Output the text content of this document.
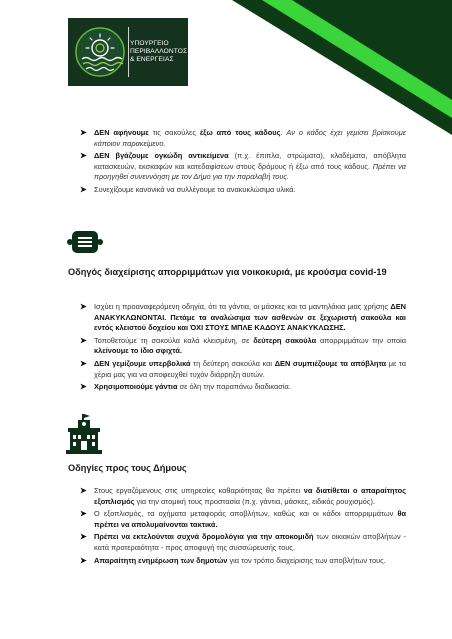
ΥΠΟΥΡΓΕΙΟ
ΠΕΡΙΒΑΛΛΟΝΤΟΣ
& ΕΝΕΡΓΕΙΑΣ
➤ ΔΕΝ αφήνουμε τις σακούλες έξω από τους κάδους. Αν ο κάδος έχει γεμίσει βρίσκουμε κάποιον παρακείμενο.
➤ ΔΕΝ βγάζουμε ογκώδη αντικείμενα (π.χ. έπιπλα, στρώματα), κλαδέματα, απόβλητα κατασκευών, εκσκαφών και κατεδαφίσεων στους δρόμους ή έξω από τους κάδους. Πρέπει να προηγηθεί συνεννόηση με τον Δήμο για την παραλαβή τους.
➤ Συνεχίζουμε κανονικά να συλλέγουμε τα ανακυκλώσιμα υλικά.
Οδηγός διαχείρισης απορριμμάτων για νοικοκυριά, με κρούσμα covid-19
➤ Ισχύει η προαναφερόμενη οδηγία, ότι τα γάντια, οι μάσκες και τα μαντηλάκια μιας χρήσης ΔΕΝ ΑΝΑΚΥΚΛΩΝΟΝΤΑΙ. Πετάμε τα αναλώσιμα των ασθενών σε ξεχωριστή σακούλα και εντός κλειστού δοχείου και ΌΧΙ ΣΤΟΥΣ ΜΠΛΕ ΚΑΔΟΥΣ ΑΝΑΚΥΚΛΩΣΗΣ.
➤ Τοποθετούμε τη σακούλα καλά κλεισμένη, σε δεύτερη σακούλα απορριμμάτων την οποία κλείνουμε το ίδιο σφιχτά.
➤ ΔΕΝ γεμίζουμε υπερβολικά τη δεύτερη σακούλα και ΔΕΝ συμπιέζουμε τα απόβλητα με τα χέρια μας για να αποφευχθεί τυχόν διάρρηξη αυτών.
➤ Χρησιμοποιούμε γάντια σε όλη την παραπάνω διαδικασία.
Οδηγίες προς τους Δήμους
➤ Στους εργαζόμενους στις υπηρεσίες καθαριότητας θα πρέπει να διατίθεται ο απαραίτητος εξοπλισμός για την ατομική τους προστασία (π.χ. γάντια, μάσκες, ειδικός ρουχισμός).
➤ Ο εξοπλισμός, τα οχήματα μεταφοράς αποβλήτων, καθώς και οι κάδοι απορριμμάτων θα πρέπει να απολυμαίνονται τακτικά.
➤ Πρέπει να εκτελούνται συχνά δρομολόγια για την αποκομιδή των οικιακών αποβλήτων - κατά προτεραιότητα - προς αποφυγή της συσσώρευσής τους.
➤ Απαραίτητη ενημέρωση των δημοτών για τον τρόπο διαχείρισης των αποβλήτων τους.
